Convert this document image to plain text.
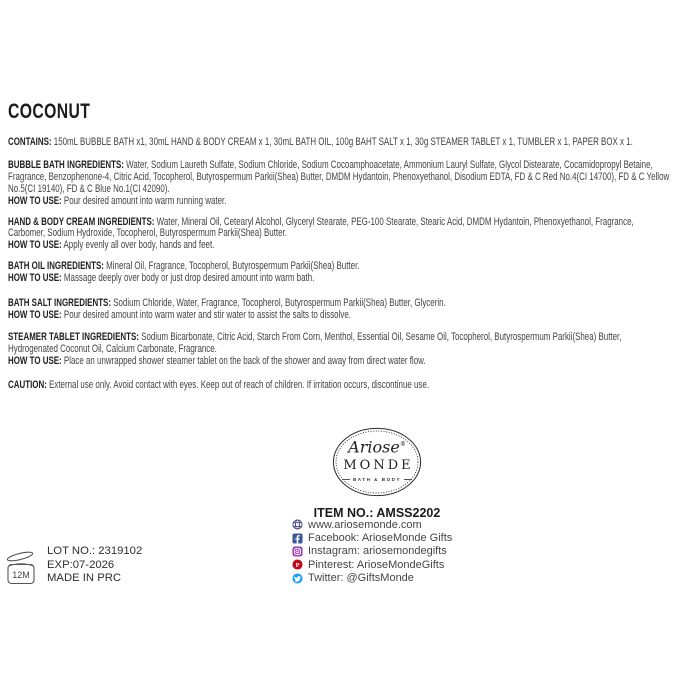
COCONUT

CONTAINS: 150mL BUBBLE BATH x1, 30mL HAND & BODY CREAM x 1, 30mL BATH OIL, 100g BAHT SALT x 1, 30g STEAMER TABLET x 1, TUMBLER x 1, PAPER BOX x 1.

BUBBLE BATH INGREDIENTS: Water, Sodium Laureth Sulfate, Sodium Chloride, Sodium Cocoamphoacetate, Ammonium Lauryl Sulfate, Glycol Distearate, Cocamidopropyl Betaine, Fragrance, Benzophenone-4, Citric Acid, Tocopherol, Butyrospermum Parkii(Shea) Butter, DMDM Hydantoin, Phenoxyethanol, Disodium EDTA, FD & C Red No.4(CI 14700), FD & C Yellow No.5(CI 19140), FD & C Blue No.1(CI 42090).
HOW TO USE: Pour desired amount into warm running water.

HAND & BODY CREAM INGREDIENTS: Water, Mineral Oil, Cetearyl Alcohol, Glyceryl Stearate, PEG-100 Stearate, Stearic Acid, DMDM Hydantoin, Phenoxyethanol, Fragrance, Carbomer, Sodium Hydroxide, Tocopherol, Butyrospermum Parkii(Shea) Butter.
HOW TO USE: Apply evenly all over body, hands and feet.

BATH OIL INGREDIENTS: Mineral Oil, Fragrance, Tocopherol, Butyrospermum Parkii(Shea) Butter.
HOW TO USE: Massage deeply over body or just drop desired amount into warm bath.

BATH SALT INGREDIENTS: Sodium Chloride, Water, Fragrance, Tocopherol, Butyrospermum Parkii(Shea) Butter, Glycerin.
HOW TO USE: Pour desired amount into warm water and stir water to assist the salts to dissolve.

STEAMER TABLET INGREDIENTS: Sodium Bicarbonate, Citric Acid, Starch From Corn, Menthol, Essential Oil, Sesame Oil, Tocopherol, Butyrospermum Parkii(Shea) Butter, Hydrogenated Coconut Oil, Calcium Carbonate, Fragrance.
HOW TO USE: Place an unwrapped shower steamer tablet on the back of the shower and away from direct water flow.

CAUTION: External use only. Avoid contact with eyes. Keep out of reach of children. If irritation occurs, discontinue use.

Ariose®
MONDE
BATH & BODY
ITEM NO.: AMSS2202
www.ariosemonde.com
Facebook: ArioseMonde Gifts
Instagram: ariosemondegifts
P Pinterest: ArioseMondeGifts
Twitter: @GiftsMonde
12M
LOT NO.: 2319102
EXP:07-2026
MADE IN PRC
